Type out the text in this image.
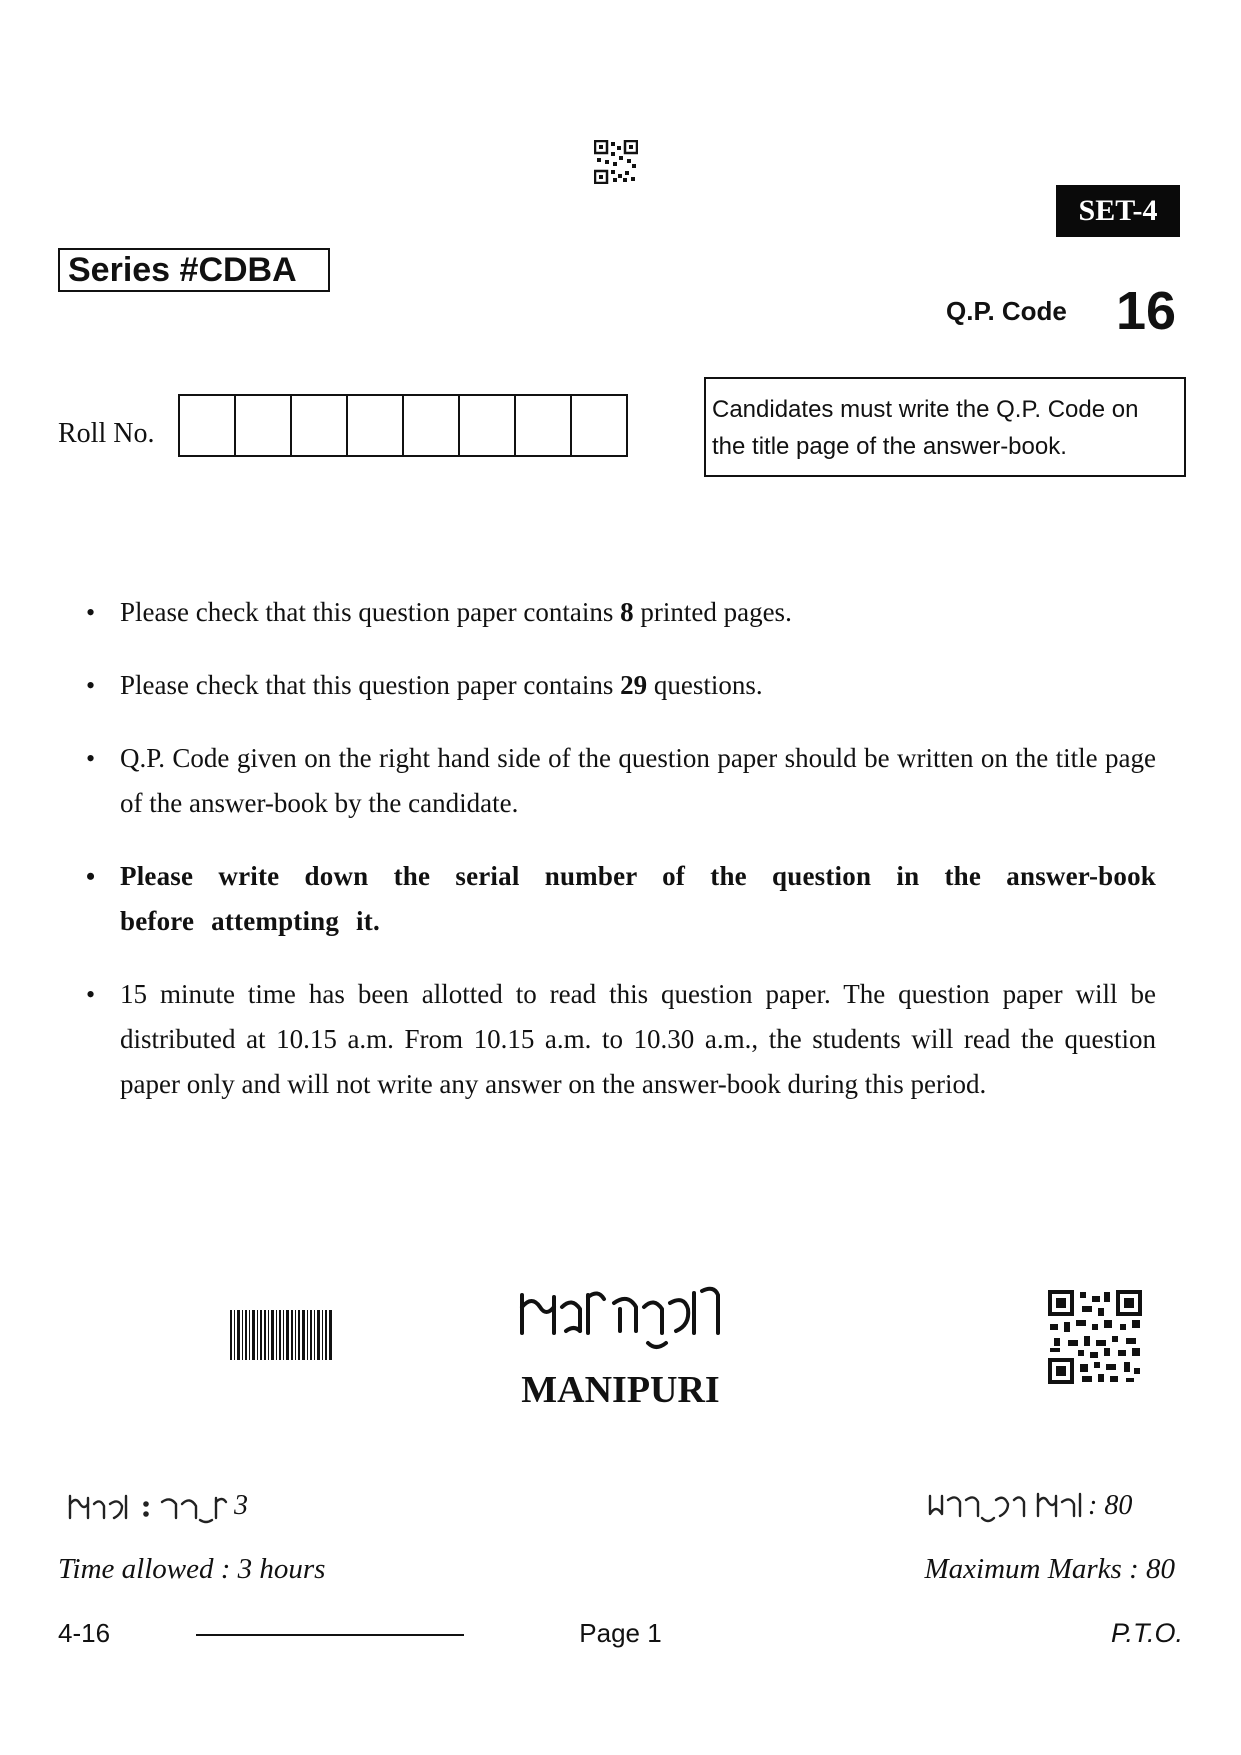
SET-4
Series #CDBA
Q.P. Code 16
Roll No.
Candidates must write the Q.P. Code on
the title page of the answer-book.
• Please check that this question paper contains 8 printed pages.
• Please check that this question paper contains 29 questions.
• Q.P. Code given on the right hand side of the question paper should be written on the title page of the answer-book by the candidate.
• Please write down the serial number of the question in the answer-book before attempting it.
• 15 minute time has been allotted to read this question paper. The question paper will be distributed at 10.15 a.m. From 10.15 a.m. to 10.30 a.m., the students will read the question paper only and will not write any answer on the answer-book during this period.
MANIPURI
3	: 80
Time allowed : 3 hours	Maximum Marks : 80
4-16	Page 1	P.T.O.
